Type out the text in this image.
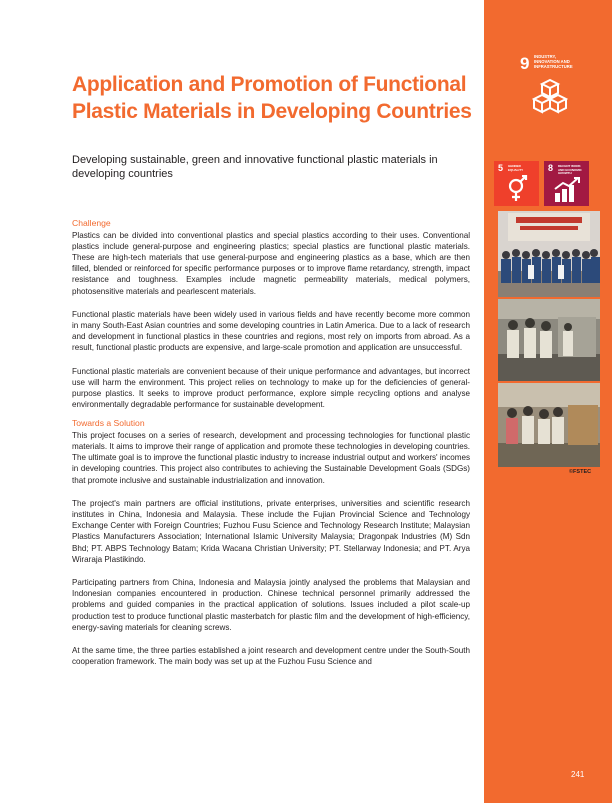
9 INDUSTRY, INNOVATION AND INFRASTRUCTURE
5 GENDER EQUALITY	8 DECENT WORK AND ECONOMIC GROWTH
©FSTEC
Application and Promotion of Functional Plastic Materials in Developing Countries

Developing sustainable, green and innovative functional plastic materials in developing countries

Challenge

Plastics can be divided into conventional plastics and special plastics according to their uses. Conventional plastics include general-purpose and engineering plastics; special plastics are functional plastic materials. These are high-tech materials that use general-purpose and engineering plastics as a base, which are then filled, blended or reinforced for specific performance purposes or to improve flame retardancy, strength, impact resistance and toughness. Examples include magnetic permeability materials, medical polymers, photosensitive materials and pearlescent materials.

Functional plastic materials have been widely used in various fields and have recently become more common in many South-East Asian countries and some developing countries in Latin America. Due to a lack of research and development in functional plastics in these countries and regions, most rely on imports from abroad. As a result, functional plastic products are expensive, and large-scale promotion and application are unsuccessful.

Functional plastic materials are convenient because of their unique performance and advantages, but incorrect use will harm the environment. This project relies on technology to make up for the deficiencies of general-purpose plastics. It seeks to improve product performance, explore simple recycling options and analyse environmentally degradable performance for sustainable development.

Towards a Solution

This project focuses on a series of research, development and processing technologies for functional plastic materials. It aims to improve their range of application and promote these technologies in developing countries. The ultimate goal is to improve the functional plastic industry to increase industrial output and workers' incomes in developing countries. This project also contributes to achieving the Sustainable Development Goals (SDGs) that promote inclusive and sustainable industrialization and innovation.

The project's main partners are official institutions, private enterprises, universities and scientific research institutes in China, Indonesia and Malaysia. These include the Fujian Provincial Science and Technology Exchange Center with Foreign Countries; Fuzhou Fusu Science and Technology Research Institute; Malaysian Plastics Manufacturers Association; International Islamic University Malaysia; Dragonpak Industries (M) Sdn Bhd; PT. ABPS Technology Batam; Krida Wacana Christian University; PT. Stellarway Indonesia; and PT. Arya Wiraraja Plastikindo.

Participating partners from China, Indonesia and Malaysia jointly analysed the problems that Malaysian and Indonesian companies encountered in production. Chinese technical personnel primarily addressed the problems and guided companies in the practical application of solutions. Issues included a pilot scale-up production test to produce functional plastic masterbatch for plastic film and the development of high-efficiency, energy-saving materials for cleaning screws.

At the same time, the three parties established a joint research and development centre under the South-South cooperation framework. The main body was set up at the Fuzhou Fusu Science and

241
